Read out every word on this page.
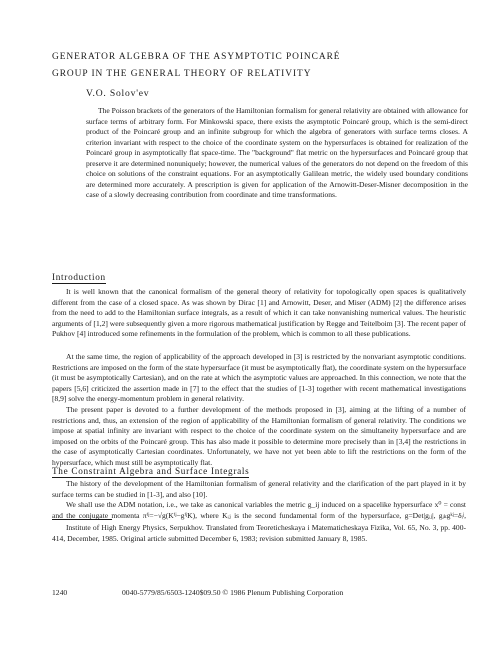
GENERATOR ALGEBRA OF THE ASYMPTOTIC POINCARÉ
GROUP IN THE GENERAL THEORY OF RELATIVITY
V.O. Solov'ev

The Poisson brackets of the generators of the Hamiltonian formalism for general relativity are obtained with allowance for surface terms of arbitrary form. For Minkowski space, there exists the asymptotic Poincaré group, which is the semi-direct product of the Poincaré group and an infinite subgroup for which the algebra of generators with surface terms closes. A criterion invariant with respect to the choice of the coordinate system on the hypersurfaces is obtained for realization of the Poincaré group in asymptotically flat space-time. The "background" flat metric on the hypersurfaces and Poincaré group that preserve it are determined nonuniquely; however, the numerical values of the generators do not depend on the freedom of this choice on solutions of the constraint equations. For an asymptotically Galilean metric, the widely used boundary conditions are determined more accurately. A prescription is given for application of the Arnowitt-Deser-Misner decomposition in the case of a slowly decreasing contribution from coordinate and time transformations.

Introduction

It is well known that the canonical formalism of the general theory of relativity for topologically open spaces is qualitatively different from the case of a closed space. As was shown by Dirac [1] and Arnowitt, Deser, and Miser (ADM) [2] the difference arises from the need to add to the Hamiltonian surface integrals, as a result of which it can take nonvanishing numerical values. The heuristic arguments of [1,2] were subsequently given a more rigorous mathematical justification by Regge and Teitelboim [3]. The recent paper of Pukhov [4] introduced some refinements in the formulation of the problem, which is common to all these publications.

At the same time, the region of applicability of the approach developed in [3] is restricted by the nonvariant asymptotic conditions. Restrictions are imposed on the form of the state hypersurface (it must be asymptotically flat), the coordinate system on the hypersurface (it must be asymptotically Cartesian), and on the rate at which the asymptotic values are approached. In this connection, we note that the papers [5,6] criticized the assertion made in [7] to the effect that the studies of [1-3] together with recent mathematical investigations [8,9] solve the energy-momentum problem in general relativity.

The present paper is devoted to a further development of the methods proposed in [3], aiming at the lifting of a number of restrictions and, thus, an extension of the region of applicability of the Hamiltonian formalism of general relativity. The conditions we impose at spatial infinity are invariant with respect to the choice of the coordinate system on the simultaneity hypersurface and are imposed on the orbits of the Poincaré group. This has also made it possible to determine more precisely than in [3,4] the restrictions in the case of asymptotically Cartesian coordinates. Unfortunately, we have not yet been able to lift the restrictions on the form of the hypersurface, which must still be asymptotically flat.

The Constraint Algebra and Surface Integrals

The history of the development of the Hamiltonian formalism of general relativity and the clarification of the part played in it by surface terms can be studied in [1-3], and also [10].

We shall use the ADM notation, i.e., we take as canonical variables the metric g_ij induced on a spacelike hypersurface x⁰ = const and the conjugate momenta πⁱʲ=−√g(Kⁱʲ−gⁱʲK), where Kᵢⱼ is the second fundamental form of the hypersurface, g=Det|gᵢⱼ|, gᵢₖgᵏʲ=δᵢʲ,

Institute of High Energy Physics, Serpukhov. Translated from Teoreticheskaya i Matematicheskaya Fizika, Vol. 65, No. 3, pp. 400-414, December, 1985. Original article submitted December 6, 1983; revision submitted January 8, 1985.

1240	0040-5779/85/6503-1240$09.50 © 1986 Plenum Publishing Corporation
